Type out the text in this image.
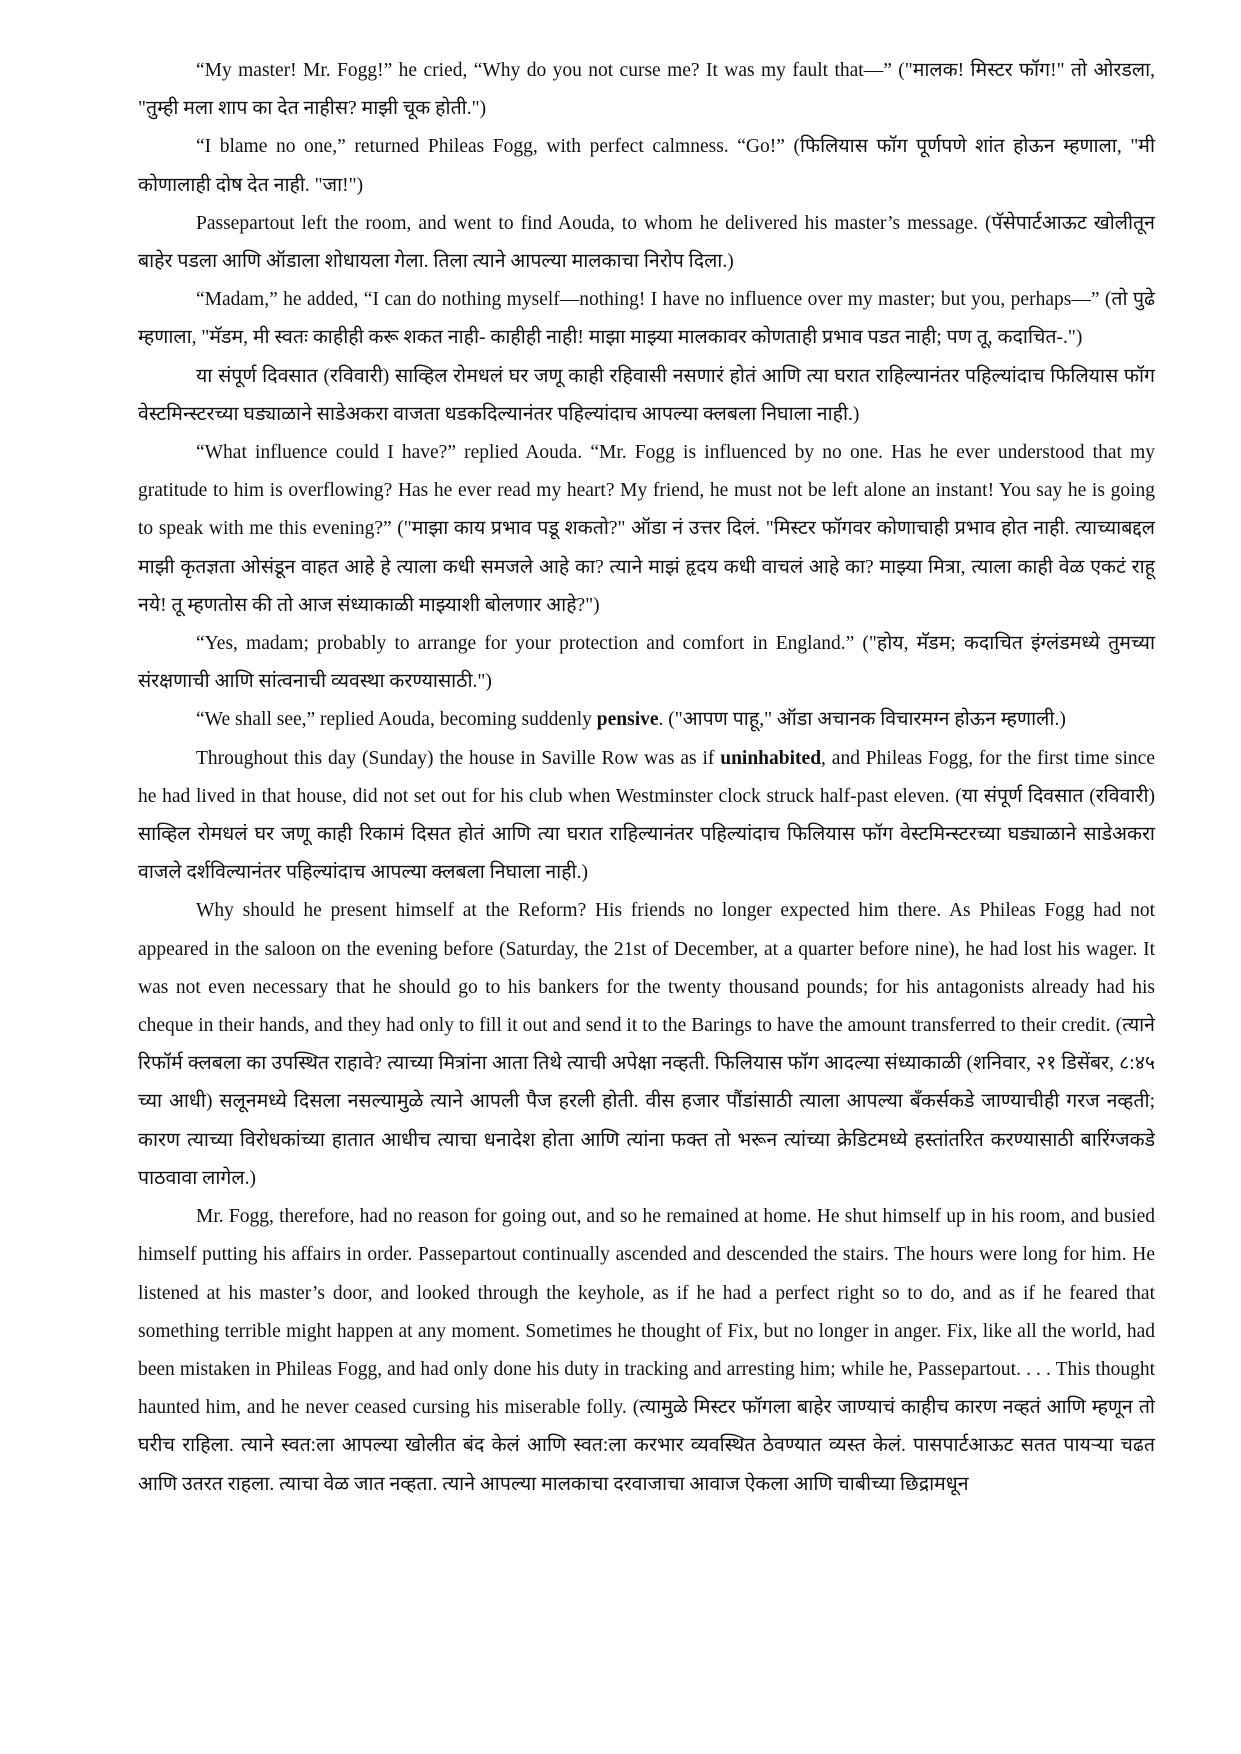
“My master! Mr. Fogg!” he cried, “Why do you not curse me? It was my fault that—” ("मालक! मिस्टर फॉग!" तो ओरडला, "तुम्ही मला शाप का देत नाहीस? माझी चूक होती.")

“I blame no one,” returned Phileas Fogg, with perfect calmness. “Go!” (फिलियास फॉग पूर्णपणे शांत होऊन म्हणाला, "मी कोणालाही दोष देत नाही. "जा!")

Passepartout left the room, and went to find Aouda, to whom he delivered his master’s message. (पॅसेपार्टआऊट खोलीतून बाहेर पडला आणि ऑडाला शोधायला गेला. तिला त्याने आपल्या मालकाचा निरोप दिला.)

“Madam,” he added, “I can do nothing myself—nothing! I have no influence over my master; but you, perhaps—” (तो पुढे म्हणाला, "मॅडम, मी स्वतः काहीही करू शकत नाही- काहीही नाही! माझा माझ्या मालकावर कोणताही प्रभाव पडत नाही; पण तू, कदाचित-.")

या संपूर्ण दिवसात (रविवारी) साव्हिल रोमधलं घर जणू काही रहिवासी नसणारं होतं आणि त्या घरात राहिल्यानंतर पहिल्यांदाच फिलियास फॉग वेस्टमिन्स्टरच्या घड्याळाने साडेअकरा वाजता धडकदिल्यानंतर पहिल्यांदाच आपल्या क्लबला निघाला नाही.)

“What influence could I have?” replied Aouda. “Mr. Fogg is influenced by no one. Has he ever understood that my gratitude to him is overflowing? Has he ever read my heart? My friend, he must not be left alone an instant! You say he is going to speak with me this evening?” ("माझा काय प्रभाव पडू शकतो?" ऑडा नं उत्तर दिलं. "मिस्टर फॉगवर कोणाचाही प्रभाव होत नाही. त्याच्याबद्दल माझी कृतज्ञता ओसंडून वाहत आहे हे त्याला कधी समजले आहे का? त्याने माझं हृदय कधी वाचलं आहे का? माझ्या मित्रा, त्याला काही वेळ एकटं राहू नये! तू म्हणतोस की तो आज संध्याकाळी माझ्याशी बोलणार आहे?")

“Yes, madam; probably to arrange for your protection and comfort in England.” ("होय, मॅडम; कदाचित इंग्लंडमध्ये तुमच्या संरक्षणाची आणि सांत्वनाची व्यवस्था करण्यासाठी.")

“We shall see,” replied Aouda, becoming suddenly pensive. ("आपण पाहू," ऑडा अचानक विचारमग्न होऊन म्हणाली.)

Throughout this day (Sunday) the house in Saville Row was as if uninhabited, and Phileas Fogg, for the first time since he had lived in that house, did not set out for his club when Westminster clock struck half-past eleven. (या संपूर्ण दिवसात (रविवारी) साव्हिल रोमधलं घर जणू काही रिकामं दिसत होतं आणि त्या घरात राहिल्यानंतर पहिल्यांदाच फिलियास फॉग वेस्टमिन्स्टरच्या घड्याळाने साडेअकरा वाजले दर्शविल्यानंतर पहिल्यांदाच आपल्या क्लबला निघाला नाही.)

Why should he present himself at the Reform? His friends no longer expected him there. As Phileas Fogg had not appeared in the saloon on the evening before (Saturday, the 21st of December, at a quarter before nine), he had lost his wager. It was not even necessary that he should go to his bankers for the twenty thousand pounds; for his antagonists already had his cheque in their hands, and they had only to fill it out and send it to the Barings to have the amount transferred to their credit. (त्याने रिफॉर्म क्लबला का उपस्थित राहावे? त्याच्या मित्रांना आता तिथे त्याची अपेक्षा नव्हती. फिलियास फॉग आदल्या संध्याकाळी (शनिवार, २१ डिसेंबर, ८:४५ च्या आधी) सलूनमध्ये दिसला नसल्यामुळे त्याने आपली पैज हरली होती. वीस हजार पौंडांसाठी त्याला आपल्या बँकर्सकडे जाण्याचीही गरज नव्हती; कारण त्याच्या विरोधकांच्या हातात आधीच त्याचा धनादेश होता आणि त्यांना फक्त तो भरून त्यांच्या क्रेडिटमध्ये हस्तांतरित करण्यासाठी बारिंग्जकडे पाठवावा लागेल.)

Mr. Fogg, therefore, had no reason for going out, and so he remained at home. He shut himself up in his room, and busied himself putting his affairs in order. Passepartout continually ascended and descended the stairs. The hours were long for him. He listened at his master’s door, and looked through the keyhole, as if he had a perfect right so to do, and as if he feared that something terrible might happen at any moment. Sometimes he thought of Fix, but no longer in anger. Fix, like all the world, had been mistaken in Phileas Fogg, and had only done his duty in tracking and arresting him; while he, Passepartout. . . . This thought haunted him, and he never ceased cursing his miserable folly. (त्यामुळे मिस्टर फॉगला बाहेर जाण्याचं काहीच कारण नव्हतं आणि म्हणून तो घरीच राहिला. त्याने स्वत:ला आपल्या खोलीत बंद केलं आणि स्वत:ला करभार व्यवस्थित ठेवण्यात व्यस्त केलं. पासपार्टआऊट सतत पायऱ्या चढत आणि उतरत राहला. त्याचा वेळ जात नव्हता. त्याने आपल्या मालकाचा दरवाजाचा आवाज ऐकला आणि चाबीच्या छिद्रामधून
